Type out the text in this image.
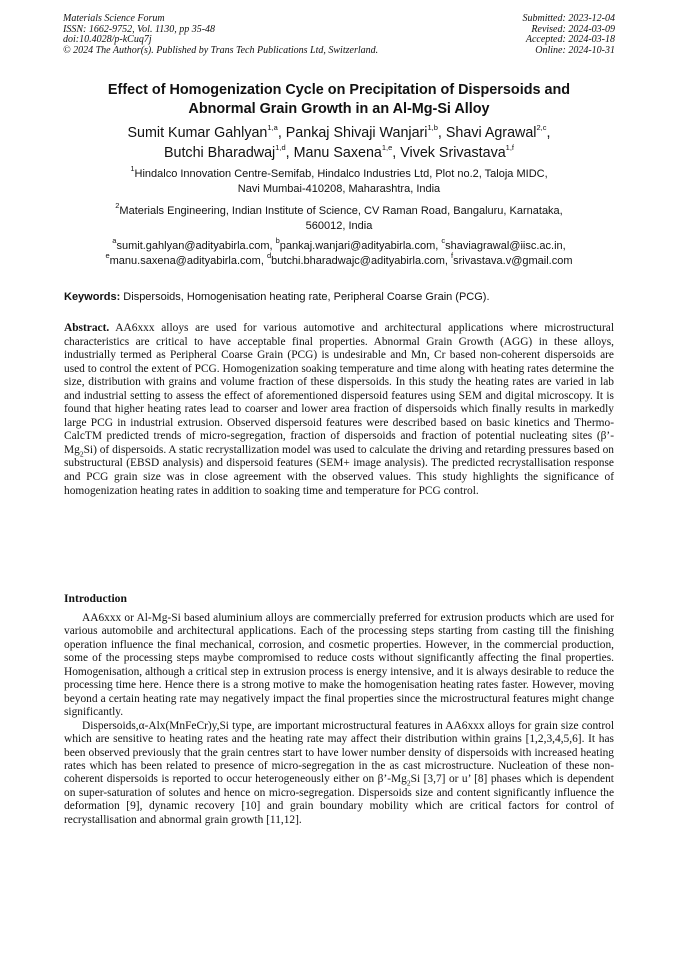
Materials Science Forum
ISSN: 1662-9752, Vol. 1130, pp 35-48
doi:10.4028/p-kCuq7j
© 2024 The Author(s). Published by Trans Tech Publications Ltd, Switzerland.
Submitted: 2023-12-04
Revised: 2024-03-09
Accepted: 2024-03-18
Online: 2024-10-31
Effect of Homogenization Cycle on Precipitation of Dispersoids and
Abnormal Grain Growth in an Al-Mg-Si Alloy
Sumit Kumar Gahlyan$^{1,a}$, Pankaj Shivaji Wanjari$^{1,b}$, Shavi Agrawal$^{2,c}$,
Butchi Bharadwaj$^{1,d}$, Manu Saxena$^{1,e}$, Vivek Srivastava$^{1,f}$
$^1$Hindalco Innovation Centre-Semifab, Hindalco Industries Ltd, Plot no.2, Taloja MIDC,
Navi Mumbai-410208, Maharashtra, India
$^2$Materials Engineering, Indian Institute of Science, CV Raman Road, Bangaluru, Karnataka,
560012, India
$^a$sumit.gahlyan@adityabirla.com, $^b$pankaj.wanjari@adityabirla.com, $^c$shaviagrawal@iisc.ac.in,
$^e$manu.saxena@adityabirla.com, $^d$butchi.bharadwajc@adityabirla.com, $^f$srivastava.v@gmail.com
Keywords: Dispersoids, Homogenisation heating rate, Peripheral Coarse Grain (PCG).
Abstract. AA6xxx alloys are used for various automotive and architectural applications where microstructural characteristics are critical to have acceptable final properties. Abnormal Grain Growth (AGG) in these alloys, industrially termed as Peripheral Coarse Grain (PCG) is undesirable and Mn, Cr based non-coherent dispersoids are used to control the extent of PCG. Homogenization soaking temperature and time along with heating rates determine the size, distribution with grains and volume fraction of these dispersoids. In this study the heating rates are varied in lab and industrial setting to assess the effect of aforementioned dispersoid features using SEM and digital microscopy. It is found that higher heating rates lead to coarser and lower area fraction of dispersoids which finally results in markedly large PCG in industrial extrusion. Observed dispersoid features were described based on basic kinetics and Thermo-CalcTM predicted trends of micro-segregation, fraction of dispersoids and fraction of potential nucleating sites $(\beta’-Mg_2Si)$ of dispersoids. A static recrystallization model was used to calculate the driving and retarding pressures based on substructural (EBSD analysis) and dispersoid features (SEM+ image analysis). The predicted recrystallisation response and PCG grain size was in close agreement with the observed values. This study highlights the significance of homogenization heating rates in addition to soaking time and temperature for PCG control.
Introduction

AA6xxx or Al-Mg-Si based aluminium alloys are commercially preferred for extrusion products which are used for various automobile and architectural applications. Each of the processing steps starting from casting till the finishing operation influence the final mechanical, corrosion, and cosmetic properties. However, in the commercial production, some of the processing steps maybe compromised to reduce costs without significantly affecting the final properties. Homogenisation, although a critical step in extrusion process is energy intensive, and it is always desirable to reduce the processing time here. Hence there is a strong motive to make the homogenisation heating rates faster. However, moving beyond a certain heating rate may negatively impact the final properties since the microstructural features might change significantly.

Dispersoids,α-Alx(MnFeCr)y,Si type, are important microstructural features in AA6xxx alloys for grain size control which are sensitive to heating rates and the heating rate may affect their distribution within grains [1,2,3,4,5,6]. It has been observed previously that the grain centres start to have lower number density of dispersoids with increased heating rates which has been related to presence of micro-segregation in the as cast microstructure. Nucleation of these non-coherent dispersoids is reported to occur heterogeneously either on $\beta’-Mg_2Si$ [3,7] or u’ [8] phases which is dependent on super-saturation of solutes and hence on micro-segregation. Dispersoids size and content significantly influence the deformation [9], dynamic recovery [10] and grain boundary mobility which are critical factors for control of recrystallisation and abnormal grain growth [11,12].
